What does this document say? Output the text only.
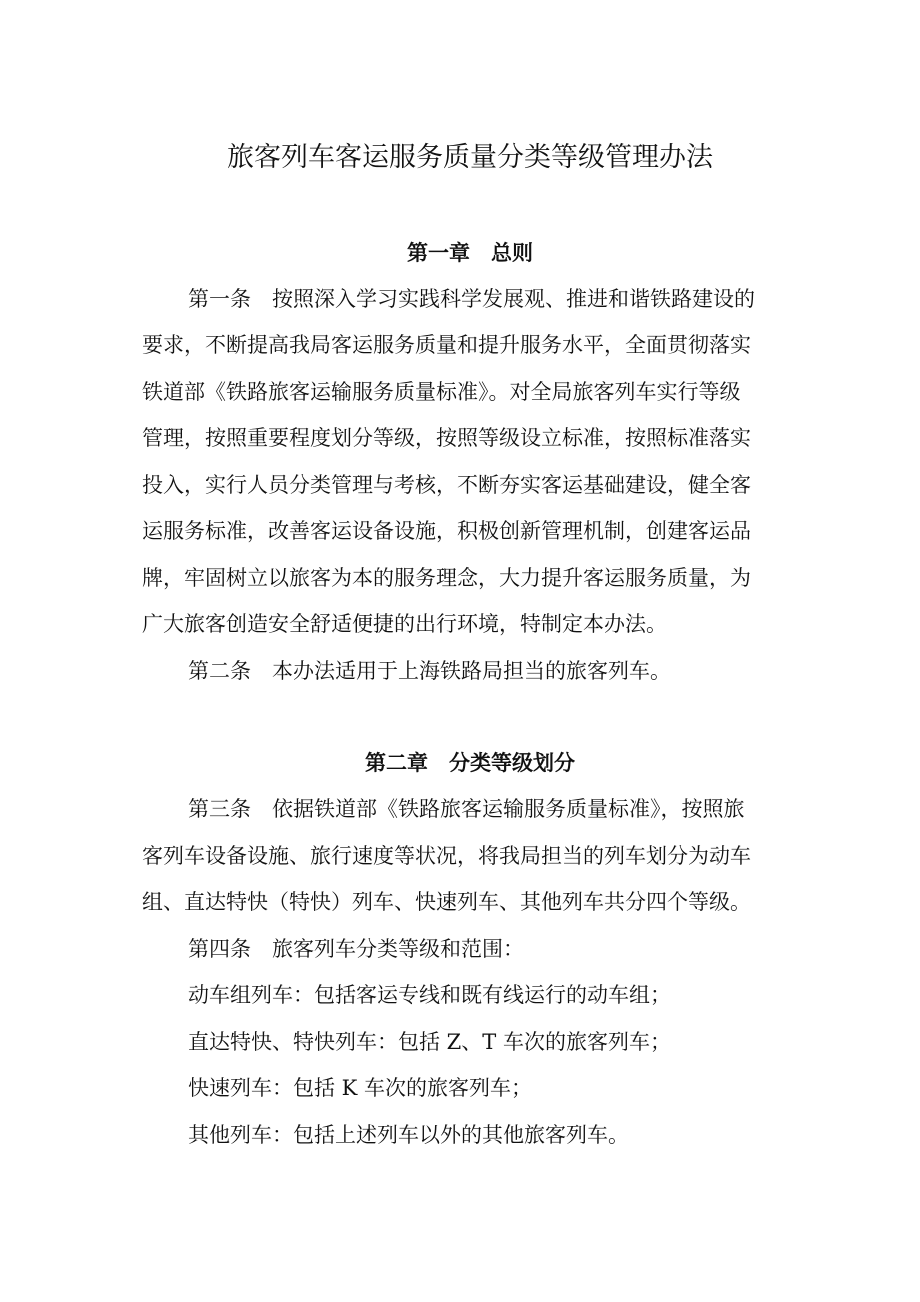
旅客列车客运服务质量分类等级管理办法
第一章　总则
第一条　按照深入学习实践科学发展观、推进和谐铁路建设的
要求，不断提高我局客运服务质量和提升服务水平，全面贯彻落实
铁道部《铁路旅客运输服务质量标准》。对全局旅客列车实行等级
管理，按照重要程度划分等级，按照等级设立标准，按照标准落实
投入，实行人员分类管理与考核，不断夯实客运基础建设，健全客
运服务标准，改善客运设备设施，积极创新管理机制，创建客运品
牌，牢固树立以旅客为本的服务理念，大力提升客运服务质量，为
广大旅客创造安全舒适便捷的出行环境，特制定本办法。
第二条　本办法适用于上海铁路局担当的旅客列车。
第二章　分类等级划分
第三条　依据铁道部《铁路旅客运输服务质量标准》，按照旅
客列车设备设施、旅行速度等状况，将我局担当的列车划分为动车
组、直达特快（特快）列车、快速列车、其他列车共分四个等级。
第四条　旅客列车分类等级和范围：
动车组列车：包括客运专线和既有线运行的动车组；
直达特快、特快列车：包括 Z、T 车次的旅客列车；
快速列车：包括 K 车次的旅客列车；
其他列车：包括上述列车以外的其他旅客列车。
